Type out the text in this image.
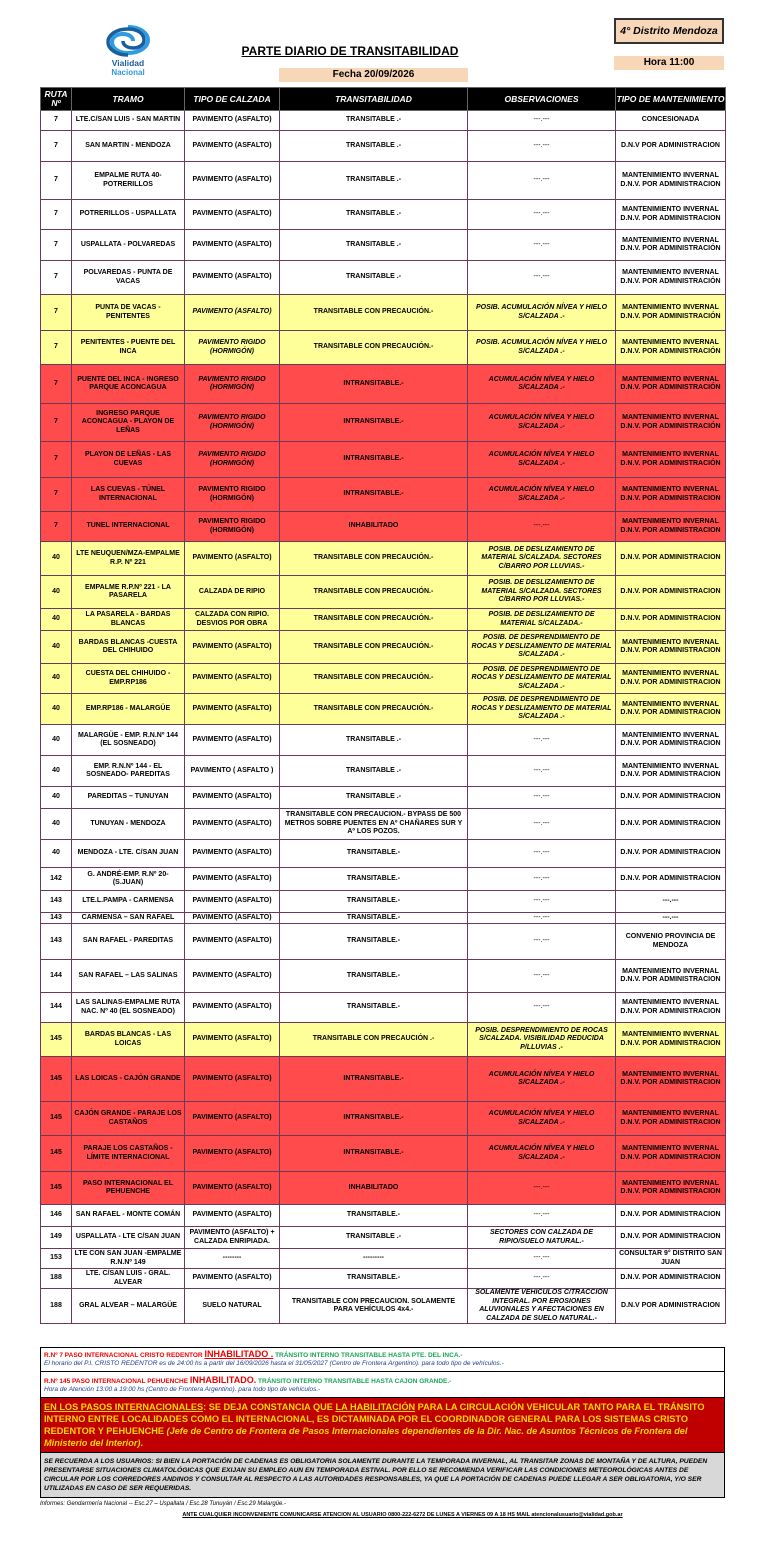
Vialidad
Nacional
PARTE DIARIO DE TRANSITABILIDAD
Fecha 20/09/2026
4° Distrito Mendoza
Hora 11:00
RUTA Nº	TRAMO	TIPO DE CALZADA	TRANSITABILIDAD	OBSERVACIONES	TIPO DE MANTENIMIENTO
7	LTE.C/SAN LUIS - SAN MARTIN	PAVIMENTO (ASFALTO)	TRANSITABLE .-	---.---	CONCESIONADA
7	SAN MARTIN - MENDOZA	PAVIMENTO (ASFALTO)	TRANSITABLE .-	---.---	D.N.V POR ADMINISTRACION
7	EMPALME RUTA 40-POTRERILLOS	PAVIMENTO (ASFALTO)	TRANSITABLE .-	---.---	MANTENIMIENTO INVERNAL D.N.V. POR ADMINISTRACION
7	POTRERILLOS - USPALLATA	PAVIMENTO (ASFALTO)	TRANSITABLE .-	---.---	MANTENIMIENTO INVERNAL D.N.V. POR ADMINISTRACION
7	USPALLATA - POLVAREDAS	PAVIMENTO (ASFALTO)	TRANSITABLE .-	---.---	MANTENIMIENTO INVERNAL D.N.V. POR ADMINISTRACIÓN
7	POLVAREDAS - PUNTA DE VACAS	PAVIMENTO (ASFALTO)	TRANSITABLE .-	---.---	MANTENIMIENTO INVERNAL D.N.V. POR ADMINISTRACIÓN
7	PUNTA DE VACAS - PENITENTES	PAVIMENTO (ASFALTO)	TRANSITABLE CON PRECAUCIÓN.-	POSIB. ACUMULACIÓN NÍVEA Y HIELO S/CALZADA .-	MANTENIMIENTO INVERNAL D.N.V. POR ADMINISTRACIÓN
7	PENITENTES - PUENTE DEL INCA	PAVIMENTO RIGIDO (HORMIGÓN)	TRANSITABLE CON PRECAUCIÓN.-	POSIB. ACUMULACIÓN NÍVEA Y HIELO S/CALZADA .-	MANTENIMIENTO INVERNAL D.N.V. POR ADMINISTRACIÓN
7	PUENTE DEL INCA - INGRESO PARQUE ACONCAGUA	PAVIMENTO RIGIDO (HORMIGÓN)	INTRANSITABLE.-	ACUMULACIÓN NÍVEA Y HIELO S/CALZADA .-	MANTENIMIENTO INVERNAL D.N.V. POR ADMINISTRACIÓN
7	INGRESO PARQUE ACONCAGUA - PLAYON DE LEÑAS	PAVIMENTO RIGIDO (HORMIGÓN)	INTRANSITABLE.-	ACUMULACIÓN NÍVEA Y HIELO S/CALZADA .-	MANTENIMIENTO INVERNAL D.N.V. POR ADMINISTRACIÓN
7	PLAYON DE LEÑAS - LAS CUEVAS	PAVIMENTO RIGIDO (HORMIGÓN)	INTRANSITABLE.-	ACUMULACIÓN NÍVEA Y HIELO S/CALZADA .-	MANTENIMIENTO INVERNAL D.N.V. POR ADMINISTRACIÓN
7	LAS CUEVAS - TÚNEL INTERNACIONAL	PAVIMENTO RIGIDO (HORMIGÓN)	INTRANSITABLE.-	ACUMULACIÓN NÍVEA Y HIELO S/CALZADA .-	MANTENIMIENTO INVERNAL D.N.V. POR ADMINISTRACION
7	TUNEL INTERNACIONAL	PAVIMENTO RIGIDO (HORMIGÓN)	INHABILITADO	---.---	MANTENIMIENTO INVERNAL D.N.V. POR ADMINISTRACION
40	LTE NEUQUEN/MZA-EMPALME R.P. Nº 221	PAVIMENTO (ASFALTO)	TRANSITABLE CON PRECAUCIÓN.-	POSIB. DE DESLIZAMIENTO DE MATERIAL S/CALZADA. SECTORES C/BARRO POR LLUVIAS.-	D.N.V. POR ADMINISTRACION
40	EMPALME R.P.Nº 221 - LA PASARELA	CALZADA DE RIPIO	TRANSITABLE CON PRECAUCIÓN.-	POSIB. DE DESLIZAMIENTO DE MATERIAL S/CALZADA. SECTORES C/BARRO POR LLUVIAS.-	D.N.V. POR ADMINISTRACION
40	LA PASARELA - BARDAS BLANCAS	CALZADA CON RIPIO. DESVIOS POR OBRA	TRANSITABLE CON PRECAUCIÓN.-	POSIB. DE DESLIZAMIENTO DE MATERIAL S/CALZADA.-	D.N.V. POR ADMINISTRACION
40	BARDAS BLANCAS -CUESTA DEL CHIHUIDO	PAVIMENTO (ASFALTO)	TRANSITABLE CON PRECAUCIÓN.-	POSIB. DE DESPRENDIMIENTO DE ROCAS Y DESLIZAMIENTO DE MATERIAL S/CALZADA .-	MANTENIMIENTO INVERNAL D.N.V. POR ADMINISTRACION
40	CUESTA DEL CHIHUIDO - EMP.RP186	PAVIMENTO (ASFALTO)	TRANSITABLE CON PRECAUCIÓN.-	POSIB. DE DESPRENDIMIENTO DE ROCAS Y DESLIZAMIENTO DE MATERIAL S/CALZADA .-	MANTENIMIENTO INVERNAL D.N.V. POR ADMINISTRACION
40	EMP.RP186 - MALARGÜE	PAVIMENTO (ASFALTO)	TRANSITABLE CON PRECAUCIÓN.-	POSIB. DE DESPRENDIMIENTO DE ROCAS Y DESLIZAMIENTO DE MATERIAL S/CALZADA .-	MANTENIMIENTO INVERNAL D.N.V. POR ADMINISTRACION
40	MALARGÜE - EMP. R.N.Nº 144 (EL SOSNEADO)	PAVIMENTO (ASFALTO)	TRANSITABLE .-	---.---	MANTENIMIENTO INVERNAL D.N.V. POR ADMINISTRACION
40	EMP. R.N.Nº 144 - EL SOSNEADO- PAREDITAS	PAVIMENTO ( ASFALTO )	TRANSITABLE .-	---.---	MANTENIMIENTO INVERNAL D.N.V. POR ADMINISTRACION
40	PAREDITAS – TUNUYAN	PAVIMENTO (ASFALTO)	TRANSITABLE .-	---.---	D.N.V. POR ADMINISTRACION
40	TUNUYAN - MENDOZA	PAVIMENTO (ASFALTO)	TRANSITABLE CON PRECAUCION.- BYPASS DE 500 METROS SOBRE PUENTES EN Aº CHAÑARES SUR Y Aº LOS POZOS.	---.---	D.N.V. POR ADMINISTRACION
40	MENDOZA - LTE. C/SAN JUAN	PAVIMENTO (ASFALTO)	TRANSITABLE.-	---.---	D.N.V. POR ADMINISTRACION
142	G. ANDRÉ-EMP. R.Nº 20-(S.JUAN)	PAVIMENTO (ASFALTO)	TRANSITABLE.-	---.---	D.N.V. POR ADMINISTRACION
143	LTE.L.PAMPA - CARMENSA	PAVIMENTO (ASFALTO)	TRANSITABLE.-	---.---	---.---
143	CARMENSA – SAN RAFAEL	PAVIMENTO (ASFALTO)	TRANSITABLE.-	---.---	---.---
143	SAN RAFAEL - PAREDITAS	PAVIMENTO (ASFALTO)	TRANSITABLE.-	---.---	CONVENIO PROVINCIA DE MENDOZA
144	SAN RAFAEL – LAS SALINAS	PAVIMENTO (ASFALTO)	TRANSITABLE.-	---.---	MANTENIMIENTO INVERNAL D.N.V. POR ADMINISTRACION
144	LAS SALINAS-EMPALME RUTA NAC. Nº 40 (EL SOSNEADO)	PAVIMENTO (ASFALTO)	TRANSITABLE.-	---.---	MANTENIMIENTO INVERNAL D.N.V. POR ADMINISTRACION
145	BARDAS BLANCAS - LAS LOICAS	PAVIMENTO (ASFALTO)	TRANSITABLE CON PRECAUCIÓN .-	POSIB. DESPRENDIMIENTO DE ROCAS S/CALZADA. VISIBILIDAD REDUCIDA P/LLUVIAS .-	MANTENIMIENTO INVERNAL D.N.V. POR ADMINISTRACION
145	LAS LOICAS - CAJÓN GRANDE	PAVIMENTO (ASFALTO)	INTRANSITABLE.-	ACUMULACIÓN NÍVEA Y HIELO S/CALZADA .-	MANTENIMIENTO INVERNAL D.N.V. POR ADMINISTRACION
145	CAJÓN GRANDE - PARAJE LOS CASTAÑOS	PAVIMENTO (ASFALTO)	INTRANSITABLE.-	ACUMULACIÓN NÍVEA Y HIELO S/CALZADA .-	MANTENIMIENTO INVERNAL D.N.V. POR ADMINISTRACION
145	PARAJE LOS CASTAÑOS - LÍMITE INTERNACIONAL	PAVIMENTO (ASFALTO)	INTRANSITABLE.-	ACUMULACIÓN NÍVEA Y HIELO S/CALZADA .-	MANTENIMIENTO INVERNAL D.N.V. POR ADMINISTRACION
145	PASO INTERNACIONAL EL PEHUENCHE	PAVIMENTO (ASFALTO)	INHABILITADO	---.---	MANTENIMIENTO INVERNAL D.N.V. POR ADMINISTRACION
146	SAN RAFAEL - MONTE COMÁN	PAVIMENTO (ASFALTO)	TRANSITABLE.-	---.---	D.N.V. POR ADMINISTRACION
149	USPALLATA - LTE C/SAN JUAN	PAVIMENTO (ASFALTO) + CALZADA ENRIPIADA.	TRANSITABLE .-	SECTORES CON CALZADA DE RIPIO/SUELO NATURAL.-	D.N.V. POR ADMINISTRACION
153	LTE CON SAN JUAN -EMPALME R.N.Nº 149	--------	---------	---.---	CONSULTAR 9° DISTRITO SAN JUAN
188	LTE. C/SAN LUIS - GRAL. ALVEAR	PAVIMENTO (ASFALTO)	TRANSITABLE.-	---.---	D.N.V. POR ADMINISTRACION
188	GRAL ALVEAR – MALARGÜE	SUELO NATURAL	TRANSITABLE CON PRECAUCION. SOLAMENTE PARA VEHÍCULOS 4x4.-	SOLAMENTE VEHICULOS C/TRACCION INTEGRAL. POR EROSIONES ALUVIONALES Y AFECTACIONES EN CALZADA DE SUELO NATURAL.-	D.N.V POR ADMINISTRACION
R.Nº 7 PASO INTERNACIONAL CRISTO REDENTOR INHABILITADO . TRÁNSITO INTERNO TRANSITABLE HASTA PTE. DEL INCA.-
El horario del P.I. CRISTO REDENTOR es de 24:00 hs a partir del 16/09/2026 hasta el 31/05/2027 (Centro de Frontera Argentino). para todo tipo de vehículos.-
R.Nº 145 PASO INTERNACIONAL PEHUENCHE INHABILITADO. TRÁNSITO INTERNO TRANSITABLE HASTA CAJON GRANDE.-
Hora de Atención 13:00 a 19:00 hs (Centro de Frontera Argentino). para todo tipo de vehículos.-
EN LOS PASOS INTERNACIONALES: SE DEJA CONSTANCIA QUE LA HABILITACIÓN PARA LA CIRCULACIÓN VEHICULAR TANTO PARA EL TRÁNSITO INTERNO ENTRE LOCALIDADES COMO EL INTERNACIONAL, ES DICTAMINADA POR EL COORDINADOR GENERAL PARA LOS SISTEMAS CRISTO REDENTOR Y PEHUENCHE (Jefe de Centro de Frontera de Pasos Internacionales dependientes de la Dir. Nac. de Asuntos Técnicos de Frontera del Ministerio del Interior).
SE RECUERDA A LOS USUARIOS: SI BIEN LA PORTACIÓN DE CADENAS ES OBLIGATORIA SOLAMENTE DURANTE LA TEMPORADA INVERNAL, AL TRANSITAR ZONAS DE MONTAÑA Y DE ALTURA, PUEDEN PRESENTARSE SITUACIONES CLIMATOLÓGICAS QUE EXIJAN SU EMPLEO AUN EN TEMPORADA ESTIVAL. POR ELLO SE RECOMIENDA VERIFICAR LAS CONDICIONES METEOROLÓGICAS ANTES DE CIRCULAR POR LOS CORREDORES ANDINOS Y CONSULTAR AL RESPECTO A LAS AUTORIDADES RESPONSABLES, YA QUE LA PORTACIÓN DE CADENAS PUEDE LLEGAR A SER OBLIGATORIA, Y/O SER UTILIZADAS EN CASO DE SER REQUERIDAS.
Informes: Gendarmería Nacional -- Esc.27 – Uspallata / Esc.28 Tunuyán / Esc.29 Malargüe.-
ANTE CUALQUIER INCONVENIENTE COMUNICARSE ATENCION AL USUARIO 0800-222-6272 DE LUNES A VIERNES 09 A 18 HS MAIL atencionalusuario@vialidad.gob.ar
